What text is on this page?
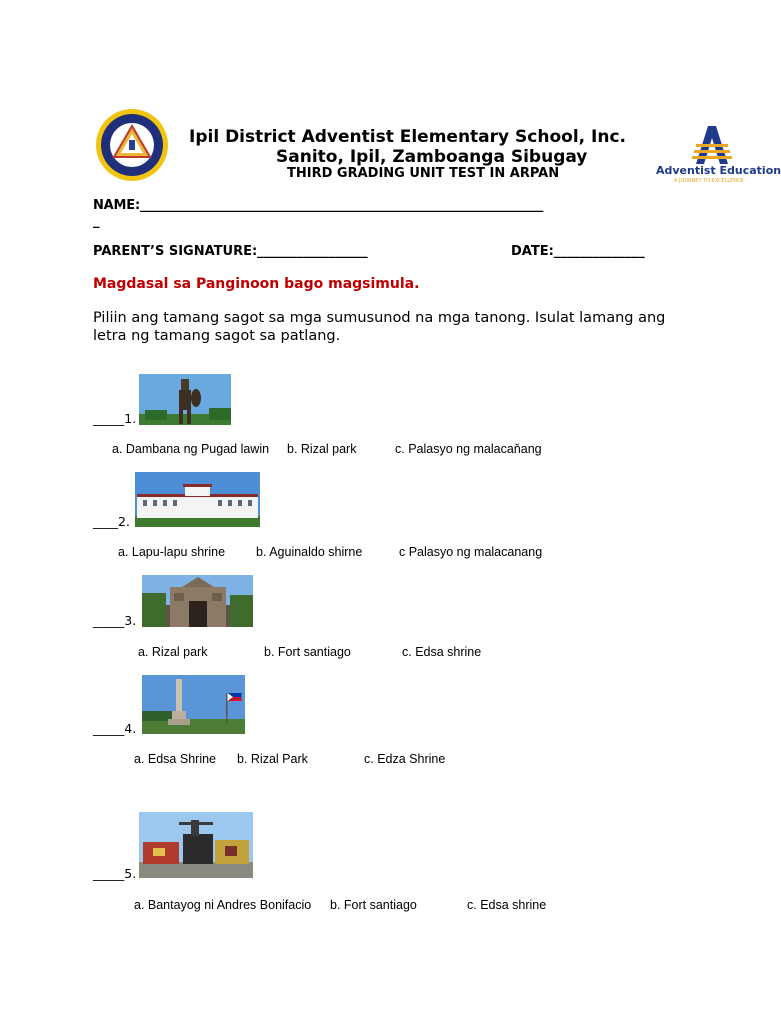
Ipil District Adventist Elementary School, Inc.
Sanito, Ipil, Zamboanga Sibugay
THIRD GRADING UNIT TEST IN ARPAN	Adventist Education
A JOURNEY TO EXCELLENCE
NAME:________________________________________________________________
_
PARENT’S SIGNATURE:_________________	DATE:______________
Magdasal sa Panginoon bago magsimula.
Piliin ang tamang sagot sa mga sumusunod na mga tanong. Isulat lamang ang letra ng tamang sagot sa patlang.
_____1.
a. Dambana ng Pugad lawin b. Rizal park	c. Palasyo ng malacaňang
____2.
a. Lapu-lapu shrine b. Aguinaldo shirne	c Palasyo ng malacanang
_____3.
a. Rizal park	b. Fort santiago	c. Edsa shrine
_____4.
a. Edsa Shrine b. Rizal Park	c. Edza Shrine
_____5.
a. Bantayog ni Andres Bonifacio b. Fort santiago	c. Edsa shrine
